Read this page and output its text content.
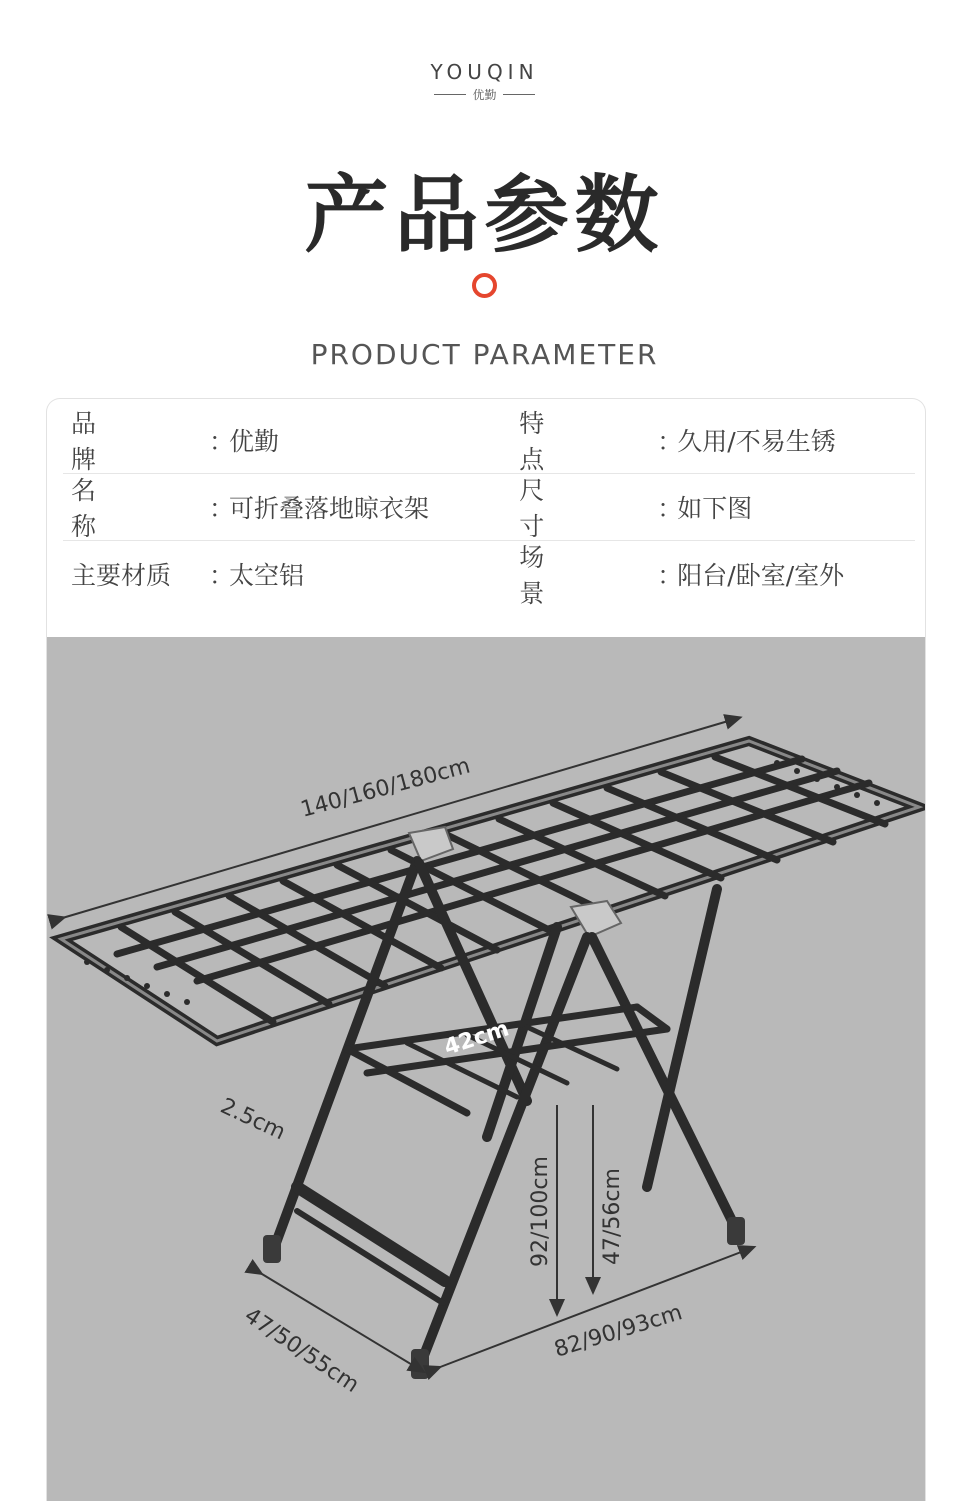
YOUQIN
优勤
产品参数
PRODUCT PARAMETER
品牌
：
优勤
特点
：
久用/不易生锈
名称
：
可折叠落地晾衣架
尺寸
：
如下图
主要材质	：
太空铝
场景
：
阳台/卧室/室外
140/160/180cm
42cm
2.5cm
92/100cm 47/56cm
47/50/55cm	82/90/93cm
